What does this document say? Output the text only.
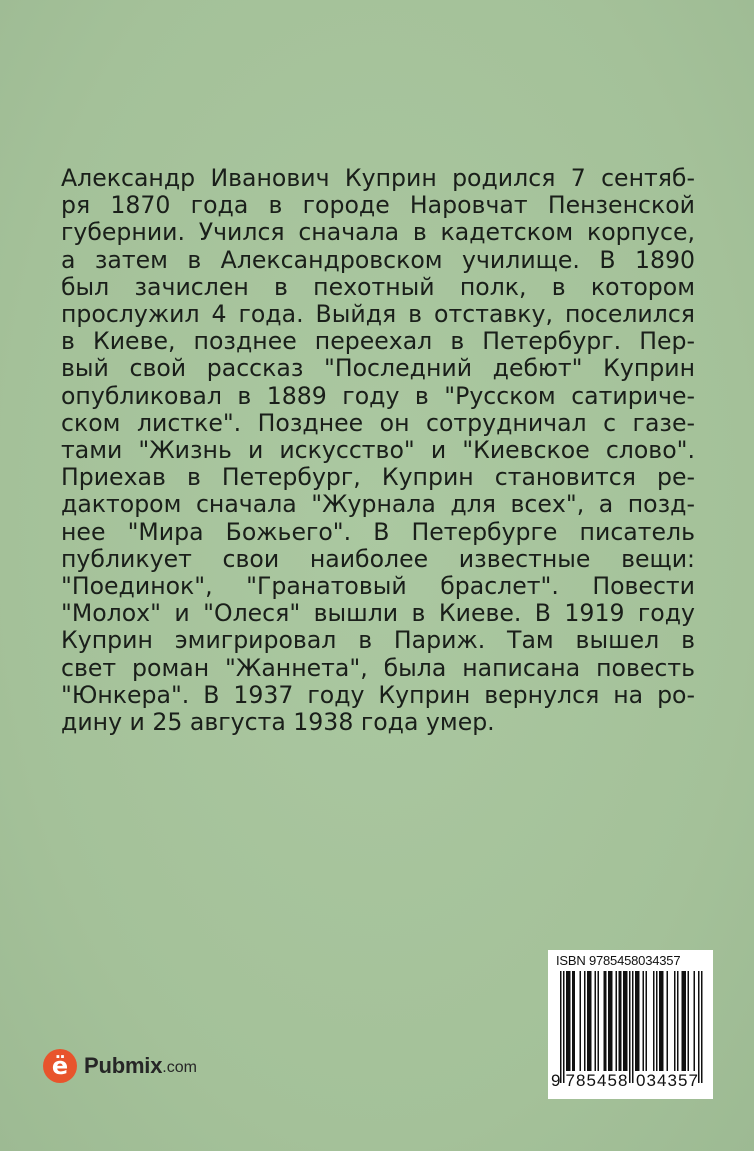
Александр Иванович Куприн родился 7 сентяб-
ря 1870 года в городе Наровчат Пензенской
губернии. Учился сначала в кадетском корпусе,
а затем в Александровском училище. В 1890
был зачислен в пехотный полк, в котором
прослужил 4 года. Выйдя в отставку, поселился
в Киеве, позднее переехал в Петербург. Пер-
вый свой рассказ "Последний дебют" Куприн
опубликовал в 1889 году в "Русском сатириче-
ском листке". Позднее он сотрудничал с газе-
тами "Жизнь и искусство" и "Киевское слово".
Приехав в Петербург, Куприн становится ре-
дактором сначала "Журнала для всех", а позд-
нее "Мира Божьего". В Петербурге писатель
публикует свои наиболее известные вещи:
"Поединок", "Гранатовый браслет". Повести
"Молох" и "Олеся" вышли в Киеве. В 1919 году
Куприн эмигрировал в Париж. Там вышел в
свет роман "Жаннета", была написана повесть
"Юнкера". В 1937 году Куприн вернулся на ро-
дину и 25 августа 1938 года умер.
ё Pubmix .com
ISBN 9785458034357
9 7 8 5 4 5 8 0 3 4 3 5 7
